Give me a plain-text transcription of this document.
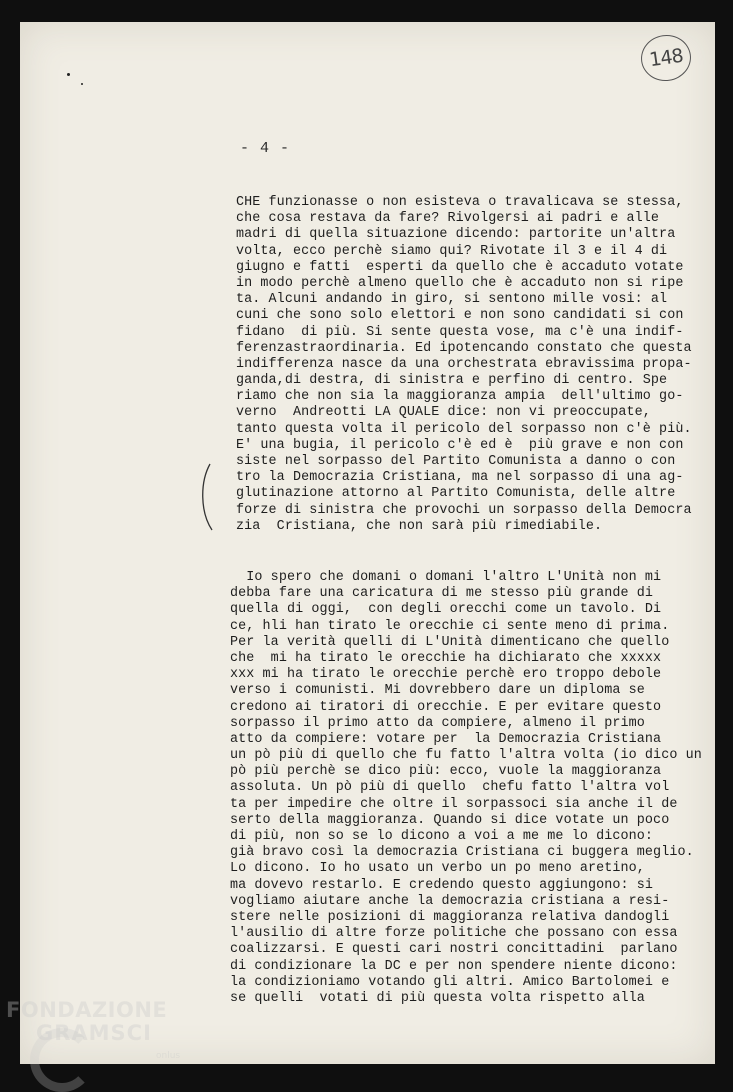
148
- 4 -
CHE funzionasse o non esisteva o travalicava se stessa,
che cosa restava da fare? Rivolgersi ai padri e alle
madri di quella situazione dicendo: partorite un'altra
volta, ecco perchè siamo qui? Rivotate il 3 e il 4 di
giugno e fatti  esperti da quello che è accaduto votate
in modo perchè almeno quello che è accaduto non si ripe
ta. Alcuni andando in giro, si sentono mille vosi: al
cuni che sono solo elettori e non sono candidati si con
fidano  di più. Si sente questa vose, ma c'è una indif-
ferenzastraordinaria. Ed ipotencando constato che questa
indifferenza nasce da una orchestrata ebravissima propa-
ganda,di destra, di sinistra e perfino di centro. Spe
riamo che non sia la maggioranza ampia  dell'ultimo go-
verno  Andreotti LA QUALE dice: non vi preoccupate,
tanto questa volta il pericolo del sorpasso non c'è più.
E' una bugia, il pericolo c'è ed è  più grave e non con
siste nel sorpasso del Partito Comunista a danno o con
tro la Democrazia Cristiana, ma nel sorpasso di una ag-
glutinazione attorno al Partito Comunista, delle altre
forze di sinistra che provochi un sorpasso della Democra
zia  Cristiana, che non sarà più rimediabile.
Io spero che domani o domani l'altro L'Unità non mi
debba fare una caricatura di me stesso più grande di
quella di oggi,  con degli orecchi come un tavolo. Di
ce, hli han tirato le orecchie ci sente meno di prima.
Per la verità quelli di L'Unità dimenticano che quello
che  mi ha tirato le orecchie ha dichiarato che xxxxx
xxx mi ha tirato le orecchie perchè ero troppo debole
verso i comunisti. Mi dovrebbero dare un diploma se
credono ai tiratori di orecchie. E per evitare questo
sorpasso il primo atto da compiere, almeno il primo
atto da compiere: votare per  la Democrazia Cristiana
un pò più di quello che fu fatto l'altra volta (io dico un
pò più perchè se dico più: ecco, vuole la maggioranza
assoluta. Un pò più di quello  chefu fatto l'altra vol
ta per impedire che oltre il sorpassoci sia anche il de
serto della maggioranza. Quando si dice votate un poco
di più, non so se lo dicono a voi a me me lo dicono:
già bravo così la democrazia Cristiana ci buggera meglio.
Lo dicono. Io ho usato un verbo un po meno aretino,
ma dovevo restarlo. E credendo questo aggiungono: si
vogliamo aiutare anche la democrazia cristiana a resi-
stere nelle posizioni di maggioranza relativa dandogli
l'ausilio di altre forze politiche che possano con essa
coalizzarsi. E questi cari nostri concittadini  parlano
di condizionare la DC e per non spendere niente dicono:
la condizioniamo votando gli altri. Amico Bartolomei e
se quelli  votati di più questa volta rispetto alla
FONDAZIONE
GRAMSCI
onlus
